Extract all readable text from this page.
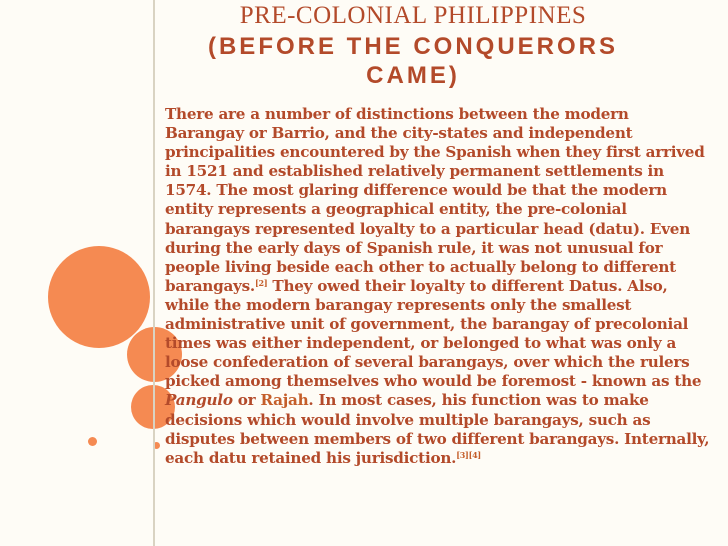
PRE-COLONIAL PHILIPPINES
(BEFORE THE CONQUERORS
CAME)
There are a number of distinctions between the modern Barangay or Barrio, and the city-states and independent principalities encountered by the Spanish when they first arrived in 1521 and established relatively permanent settlements in 1574. The most glaring difference would be that the modern entity represents a geographical entity, the pre-colonial barangays represented loyalty to a particular head (datu). Even during the early days of Spanish rule, it was not unusual for people living beside each other to actually belong to different barangays.[2] They owed their loyalty to different Datus. Also, while the modern barangay represents only the smallest administrative unit of government, the barangay of precolonial times was either independent, or belonged to what was only a loose confederation of several barangays, over which the rulers picked among themselves who would be foremost - known as the Pangulo or Rajah. In most cases, his function was to make decisions which would involve multiple barangays, such as disputes between members of two different barangays. Internally, each datu retained his jurisdiction.[3][4]
